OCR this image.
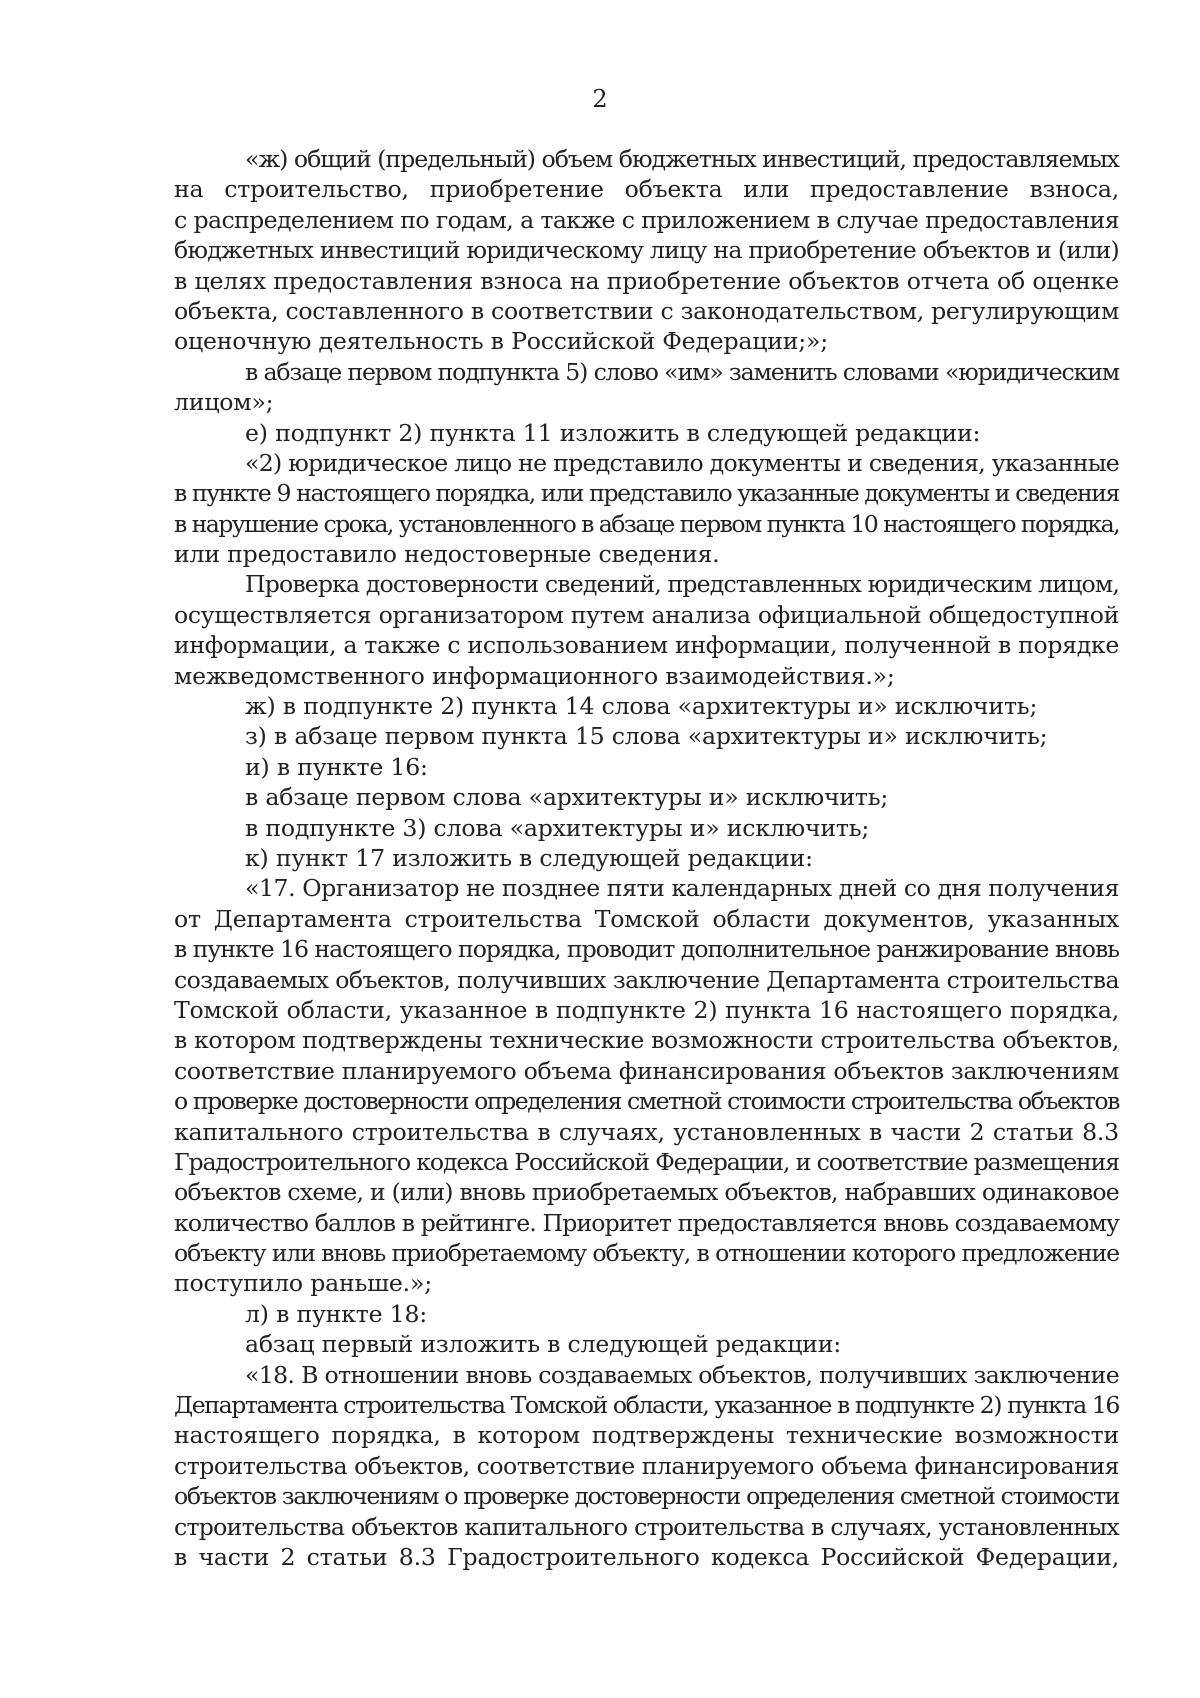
2
«ж) общий (предельный) объем бюджетных инвестиций, предоставляемых
на строительство, приобретение объекта или предоставление взноса,
с распределением по годам, а также с приложением в случае предоставления
бюджетных инвестиций юридическому лицу на приобретение объектов и (или)
в целях предоставления взноса на приобретение объектов отчета об оценке
объекта, составленного в соответствии с законодательством, регулирующим
оценочную деятельность в Российской Федерации;»;
в абзаце первом подпункта 5) слово «им» заменить словами «юридическим
лицом»;
е) подпункт 2) пункта 11 изложить в следующей редакции:
«2) юридическое лицо не представило документы и сведения, указанные
в пункте 9 настоящего порядка, или представило указанные документы и сведения
в нарушение срока, установленного в абзаце первом пункта 10 настоящего порядка,
или предоставило недостоверные сведения.
Проверка достоверности сведений, представленных юридическим лицом,
осуществляется организатором путем анализа официальной общедоступной
информации, а также с использованием информации, полученной в порядке
межведомственного информационного взаимодействия.»;
ж) в подпункте 2) пункта 14 слова «архитектуры и» исключить;
з) в абзаце первом пункта 15 слова «архитектуры и» исключить;
и) в пункте 16:
в абзаце первом слова «архитектуры и» исключить;
в подпункте 3) слова «архитектуры и» исключить;
к) пункт 17 изложить в следующей редакции:
«17. Организатор не позднее пяти календарных дней со дня получения
от Департамента строительства Томской области документов, указанных
в пункте 16 настоящего порядка, проводит дополнительное ранжирование вновь
создаваемых объектов, получивших заключение Департамента строительства
Томской области, указанное в подпункте 2) пункта 16 настоящего порядка,
в котором подтверждены технические возможности строительства объектов,
соответствие планируемого объема финансирования объектов заключениям
о проверке достоверности определения сметной стоимости строительства объектов
капитального строительства в случаях, установленных в части 2 статьи 8.3
Градостроительного кодекса Российской Федерации, и соответствие размещения
объектов схеме, и (или) вновь приобретаемых объектов, набравших одинаковое
количество баллов в рейтинге. Приоритет предоставляется вновь создаваемому
объекту или вновь приобретаемому объекту, в отношении которого предложение
поступило раньше.»;
л) в пункте 18:
абзац первый изложить в следующей редакции:
«18. В отношении вновь создаваемых объектов, получивших заключение
Департамента строительства Томской области, указанное в подпункте 2) пункта 16
настоящего порядка, в котором подтверждены технические возможности
строительства объектов, соответствие планируемого объема финансирования
объектов заключениям о проверке достоверности определения сметной стоимости
строительства объектов капитального строительства в случаях, установленных
в части 2 статьи 8.3 Градостроительного кодекса Российской Федерации,
